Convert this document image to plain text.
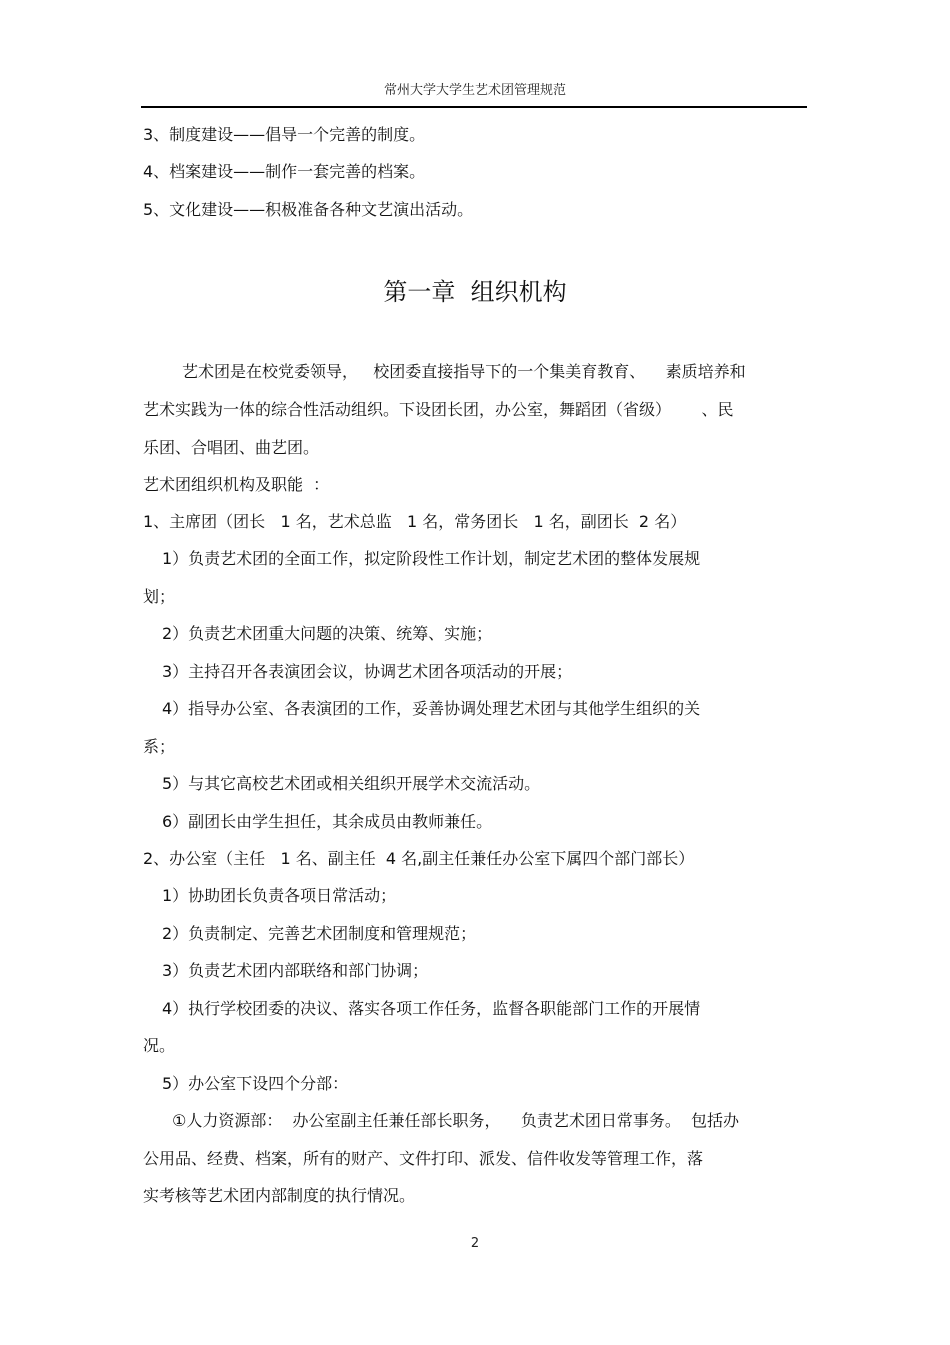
常州大学大学生艺术团管理规范
3、制度建设——倡导一个完善的制度。
4、档案建设——制作一套完善的档案。
5、文化建设——积极准备各种文艺演出活动。
第一章  组织机构
艺术团是在校党委领导，   校团委直接指导下的一个集美育教育、    素质培养和
艺术实践为一体的综合性活动组织。下设团长团，办公室，舞蹈团（省级）      、民
乐团、合唱团、曲艺团。
艺术团组织机构及职能  ：
1、主席团（团长   1 名，艺术总监   1 名，常务团长   1 名，副团长  2 名）
1）负责艺术团的全面工作，拟定阶段性工作计划，制定艺术团的整体发展规
划；
2）负责艺术团重大问题的决策、统筹、实施；
3）主持召开各表演团会议，协调艺术团各项活动的开展；
4）指导办公室、各表演团的工作，妥善协调处理艺术团与其他学生组织的关
系；
5）与其它高校艺术团或相关组织开展学术交流活动。
6）副团长由学生担任，其余成员由教师兼任。
2、办公室（主任   1 名、副主任  4 名,副主任兼任办公室下属四个部门部长）
1）协助团长负责各项日常活动；
2）负责制定、完善艺术团制度和管理规范；
3）负责艺术团内部联络和部门协调；
4）执行学校团委的决议、落实各项工作任务，监督各职能部门工作的开展情
况。
5）办公室下设四个分部：
①人力资源部：  办公室副主任兼任部长职务，    负责艺术团日常事务。  包括办
公用品、经费、档案，所有的财产、文件打印、派发、信件收发等管理工作，落
实考核等艺术团内部制度的执行情况。
2
